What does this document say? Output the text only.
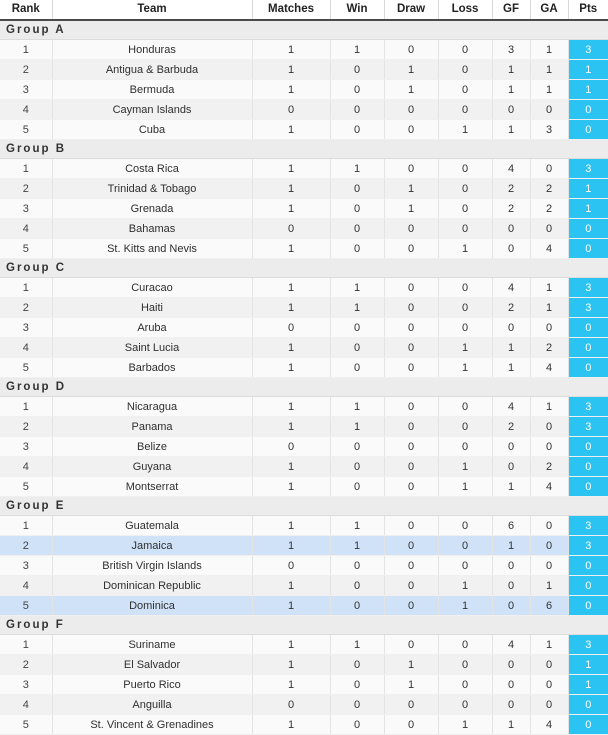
Rank	Team	Matches	Win	Draw	Loss	GF	GA	Pts
Group A								
1	Honduras	1	1	0	0	3	1	3
2	Antigua & Barbuda	1	0	1	0	1	1	1
3	Bermuda	1	0	1	0	1	1	1
4	Cayman Islands	0	0	0	0	0	0	0
5	Cuba	1	0	0	1	1	3	0
Group B								
1	Costa Rica	1	1	0	0	4	0	3
2	Trinidad & Tobago	1	0	1	0	2	2	1
3	Grenada	1	0	1	0	2	2	1
4	Bahamas	0	0	0	0	0	0	0
5	St. Kitts and Nevis	1	0	0	1	0	4	0
Group C								
1	Curacao	1	1	0	0	4	1	3
2	Haiti	1	1	0	0	2	1	3
3	Aruba	0	0	0	0	0	0	0
4	Saint Lucia	1	0	0	1	1	2	0
5	Barbados	1	0	0	1	1	4	0
Group D								
1	Nicaragua	1	1	0	0	4	1	3
2	Panama	1	1	0	0	2	0	3
3	Belize	0	0	0	0	0	0	0
4	Guyana	1	0	0	1	0	2	0
5	Montserrat	1	0	0	1	1	4	0
Group E								
1	Guatemala	1	1	0	0	6	0	3
2	Jamaica	1	1	0	0	1	0	3
3	British Virgin Islands	0	0	0	0	0	0	0
4	Dominican Republic	1	0	0	1	0	1	0
5	Dominica	1	0	0	1	0	6	0
Group F								
1	Suriname	1	1	0	0	4	1	3
2	El Salvador	1	0	1	0	0	0	1
3	Puerto Rico	1	0	1	0	0	0	1
4	Anguilla	0	0	0	0	0	0	0
5	St. Vincent & Grenadines	1	0	0	1	1	4	0
